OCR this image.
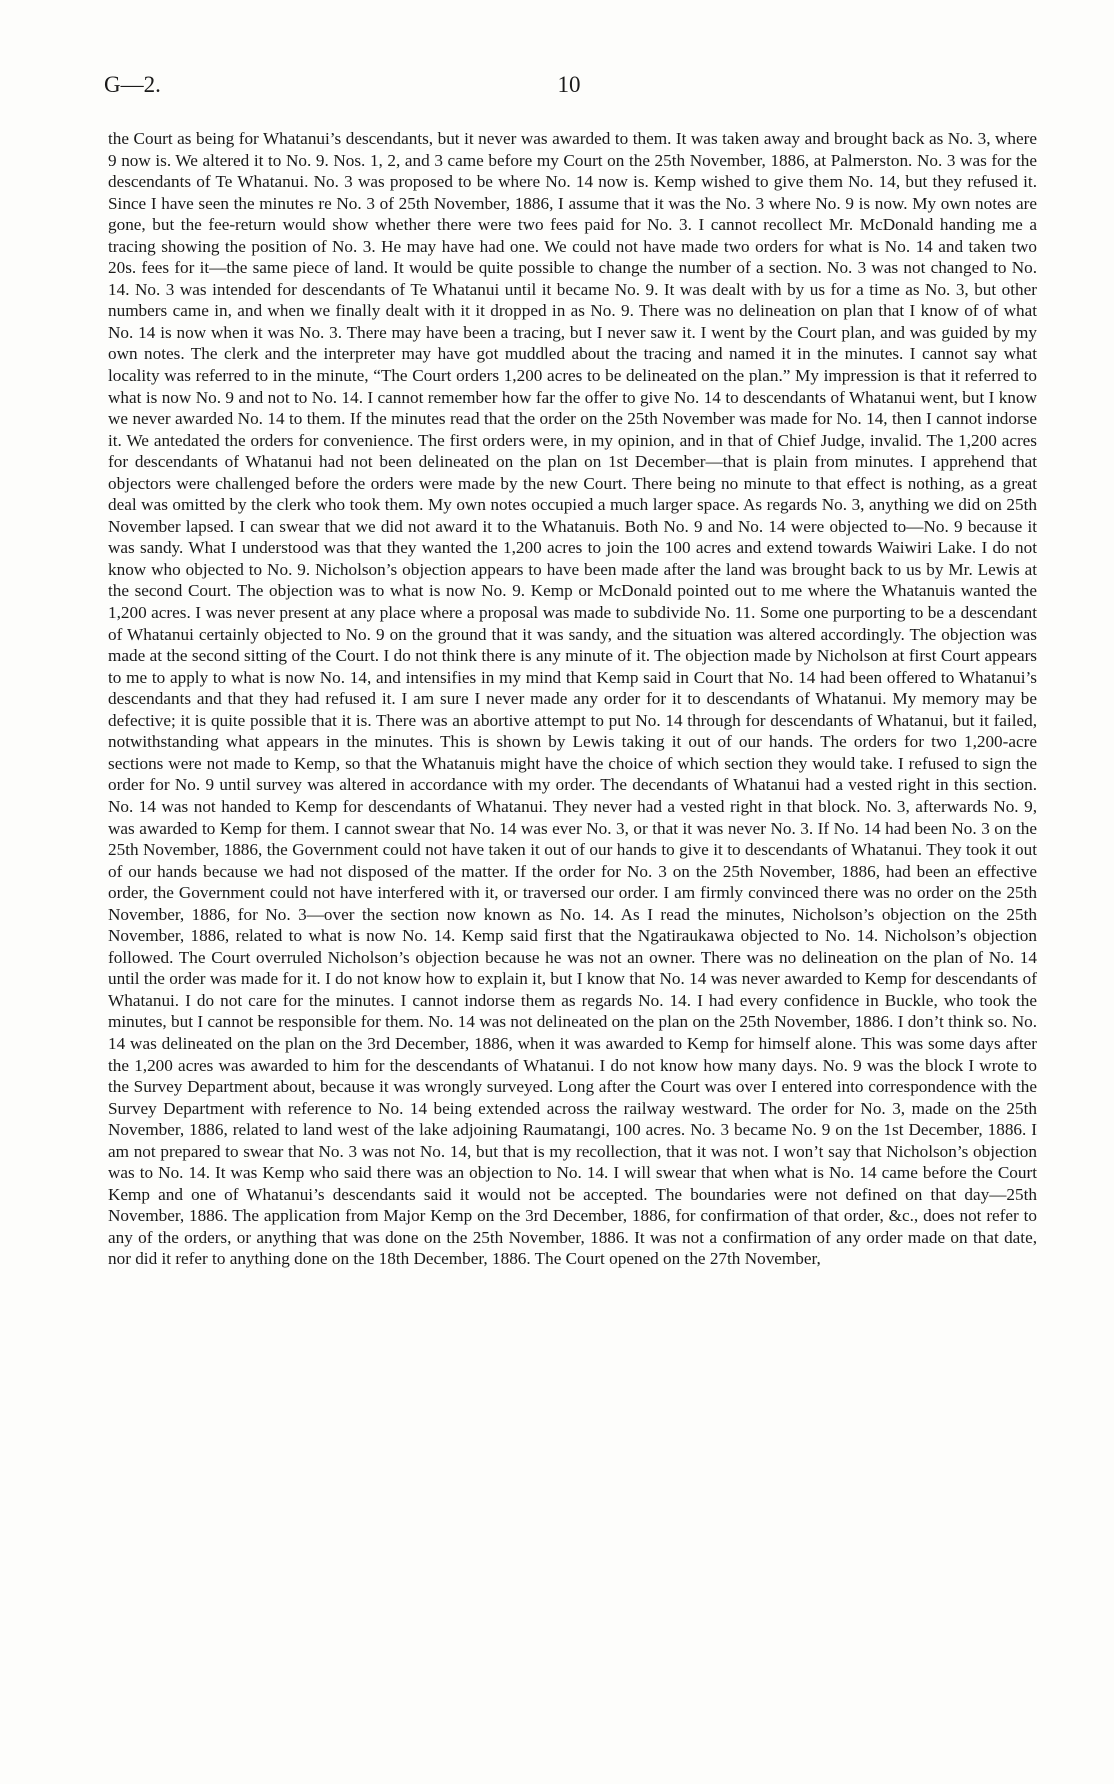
G—2.	10

the Court as being for Whatanui’s descendants, but it never was awarded to them. It was taken away and brought back as No. 3, where 9 now is. We altered it to No. 9. Nos. 1, 2, and 3 came before my Court on the 25th November, 1886, at Palmerston. No. 3 was for the descendants of Te Whatanui. No. 3 was proposed to be where No. 14 now is. Kemp wished to give them No. 14, but they refused it. Since I have seen the minutes re No. 3 of 25th November, 1886, I assume that it was the No. 3 where No. 9 is now. My own notes are gone, but the fee-return would show whether there were two fees paid for No. 3. I cannot recollect Mr. McDonald handing me a tracing showing the position of No. 3. He may have had one. We could not have made two orders for what is No. 14 and taken two 20s. fees for it—the same piece of land. It would be quite possible to change the number of a section. No. 3 was not changed to No. 14. No. 3 was intended for descendants of Te Whatanui until it became No. 9. It was dealt with by us for a time as No. 3, but other numbers came in, and when we finally dealt with it it dropped in as No. 9. There was no delineation on plan that I know of of what No. 14 is now when it was No. 3. There may have been a tracing, but I never saw it. I went by the Court plan, and was guided by my own notes. The clerk and the interpreter may have got muddled about the tracing and named it in the minutes. I cannot say what locality was referred to in the minute, “The Court orders 1,200 acres to be delineated on the plan.” My impression is that it referred to what is now No. 9 and not to No. 14. I cannot remember how far the offer to give No. 14 to descendants of Whatanui went, but I know we never awarded No. 14 to them. If the minutes read that the order on the 25th November was made for No. 14, then I cannot indorse it. We antedated the orders for convenience. The first orders were, in my opinion, and in that of Chief Judge, invalid. The 1,200 acres for descendants of Whatanui had not been delineated on the plan on 1st December—that is plain from minutes. I apprehend that objectors were challenged before the orders were made by the new Court. There being no minute to that effect is nothing, as a great deal was omitted by the clerk who took them. My own notes occupied a much larger space. As regards No. 3, anything we did on 25th November lapsed. I can swear that we did not award it to the Whatanuis. Both No. 9 and No. 14 were objected to—No. 9 because it was sandy. What I understood was that they wanted the 1,200 acres to join the 100 acres and extend towards Waiwiri Lake. I do not know who objected to No. 9. Nicholson’s objection appears to have been made after the land was brought back to us by Mr. Lewis at the second Court. The objection was to what is now No. 9. Kemp or McDonald pointed out to me where the Whatanuis wanted the 1,200 acres. I was never present at any place where a proposal was made to subdivide No. 11. Some one purporting to be a descendant of Whatanui certainly objected to No. 9 on the ground that it was sandy, and the situation was altered accordingly. The objection was made at the second sitting of the Court. I do not think there is any minute of it. The objection made by Nicholson at first Court appears to me to apply to what is now No. 14, and intensifies in my mind that Kemp said in Court that No. 14 had been offered to Whatanui’s descendants and that they had refused it. I am sure I never made any order for it to descendants of Whatanui. My memory may be defective; it is quite possible that it is. There was an abortive attempt to put No. 14 through for descendants of Whatanui, but it failed, notwithstanding what appears in the minutes. This is shown by Lewis taking it out of our hands. The orders for two 1,200-acre sections were not made to Kemp, so that the Whatanuis might have the choice of which section they would take. I refused to sign the order for No. 9 until survey was altered in accordance with my order. The decendants of Whatanui had a vested right in this section. No. 14 was not handed to Kemp for descendants of Whatanui. They never had a vested right in that block. No. 3, afterwards No. 9, was awarded to Kemp for them. I cannot swear that No. 14 was ever No. 3, or that it was never No. 3. If No. 14 had been No. 3 on the 25th November, 1886, the Government could not have taken it out of our hands to give it to descendants of Whatanui. They took it out of our hands because we had not disposed of the matter. If the order for No. 3 on the 25th November, 1886, had been an effective order, the Government could not have interfered with it, or traversed our order. I am firmly convinced there was no order on the 25th November, 1886, for No. 3—over the section now known as No. 14. As I read the minutes, Nicholson’s objection on the 25th November, 1886, related to what is now No. 14. Kemp said first that the Ngatiraukawa objected to No. 14. Nicholson’s objection followed. The Court overruled Nicholson’s objection because he was not an owner. There was no delineation on the plan of No. 14 until the order was made for it. I do not know how to explain it, but I know that No. 14 was never awarded to Kemp for descendants of Whatanui. I do not care for the minutes. I cannot indorse them as regards No. 14. I had every confidence in Buckle, who took the minutes, but I cannot be responsible for them. No. 14 was not delineated on the plan on the 25th November, 1886. I don’t think so. No. 14 was delineated on the plan on the 3rd December, 1886, when it was awarded to Kemp for himself alone. This was some days after the 1,200 acres was awarded to him for the descendants of Whatanui. I do not know how many days. No. 9 was the block I wrote to the Survey Department about, because it was wrongly surveyed. Long after the Court was over I entered into correspondence with the Survey Department with reference to No. 14 being extended across the railway westward. The order for No. 3, made on the 25th November, 1886, related to land west of the lake adjoining Raumatangi, 100 acres. No. 3 became No. 9 on the 1st December, 1886. I am not prepared to swear that No. 3 was not No. 14, but that is my recollection, that it was not. I won’t say that Nicholson’s objection was to No. 14. It was Kemp who said there was an objection to No. 14. I will swear that when what is No. 14 came before the Court Kemp and one of Whatanui’s descendants said it would not be accepted. The boundaries were not defined on that day—25th November, 1886. The application from Major Kemp on the 3rd December, 1886, for confirmation of that order, &c., does not refer to any of the orders, or anything that was done on the 25th November, 1886. It was not a confirmation of any order made on that date, nor did it refer to anything done on the 18th December, 1886. The Court opened on the 27th November,
